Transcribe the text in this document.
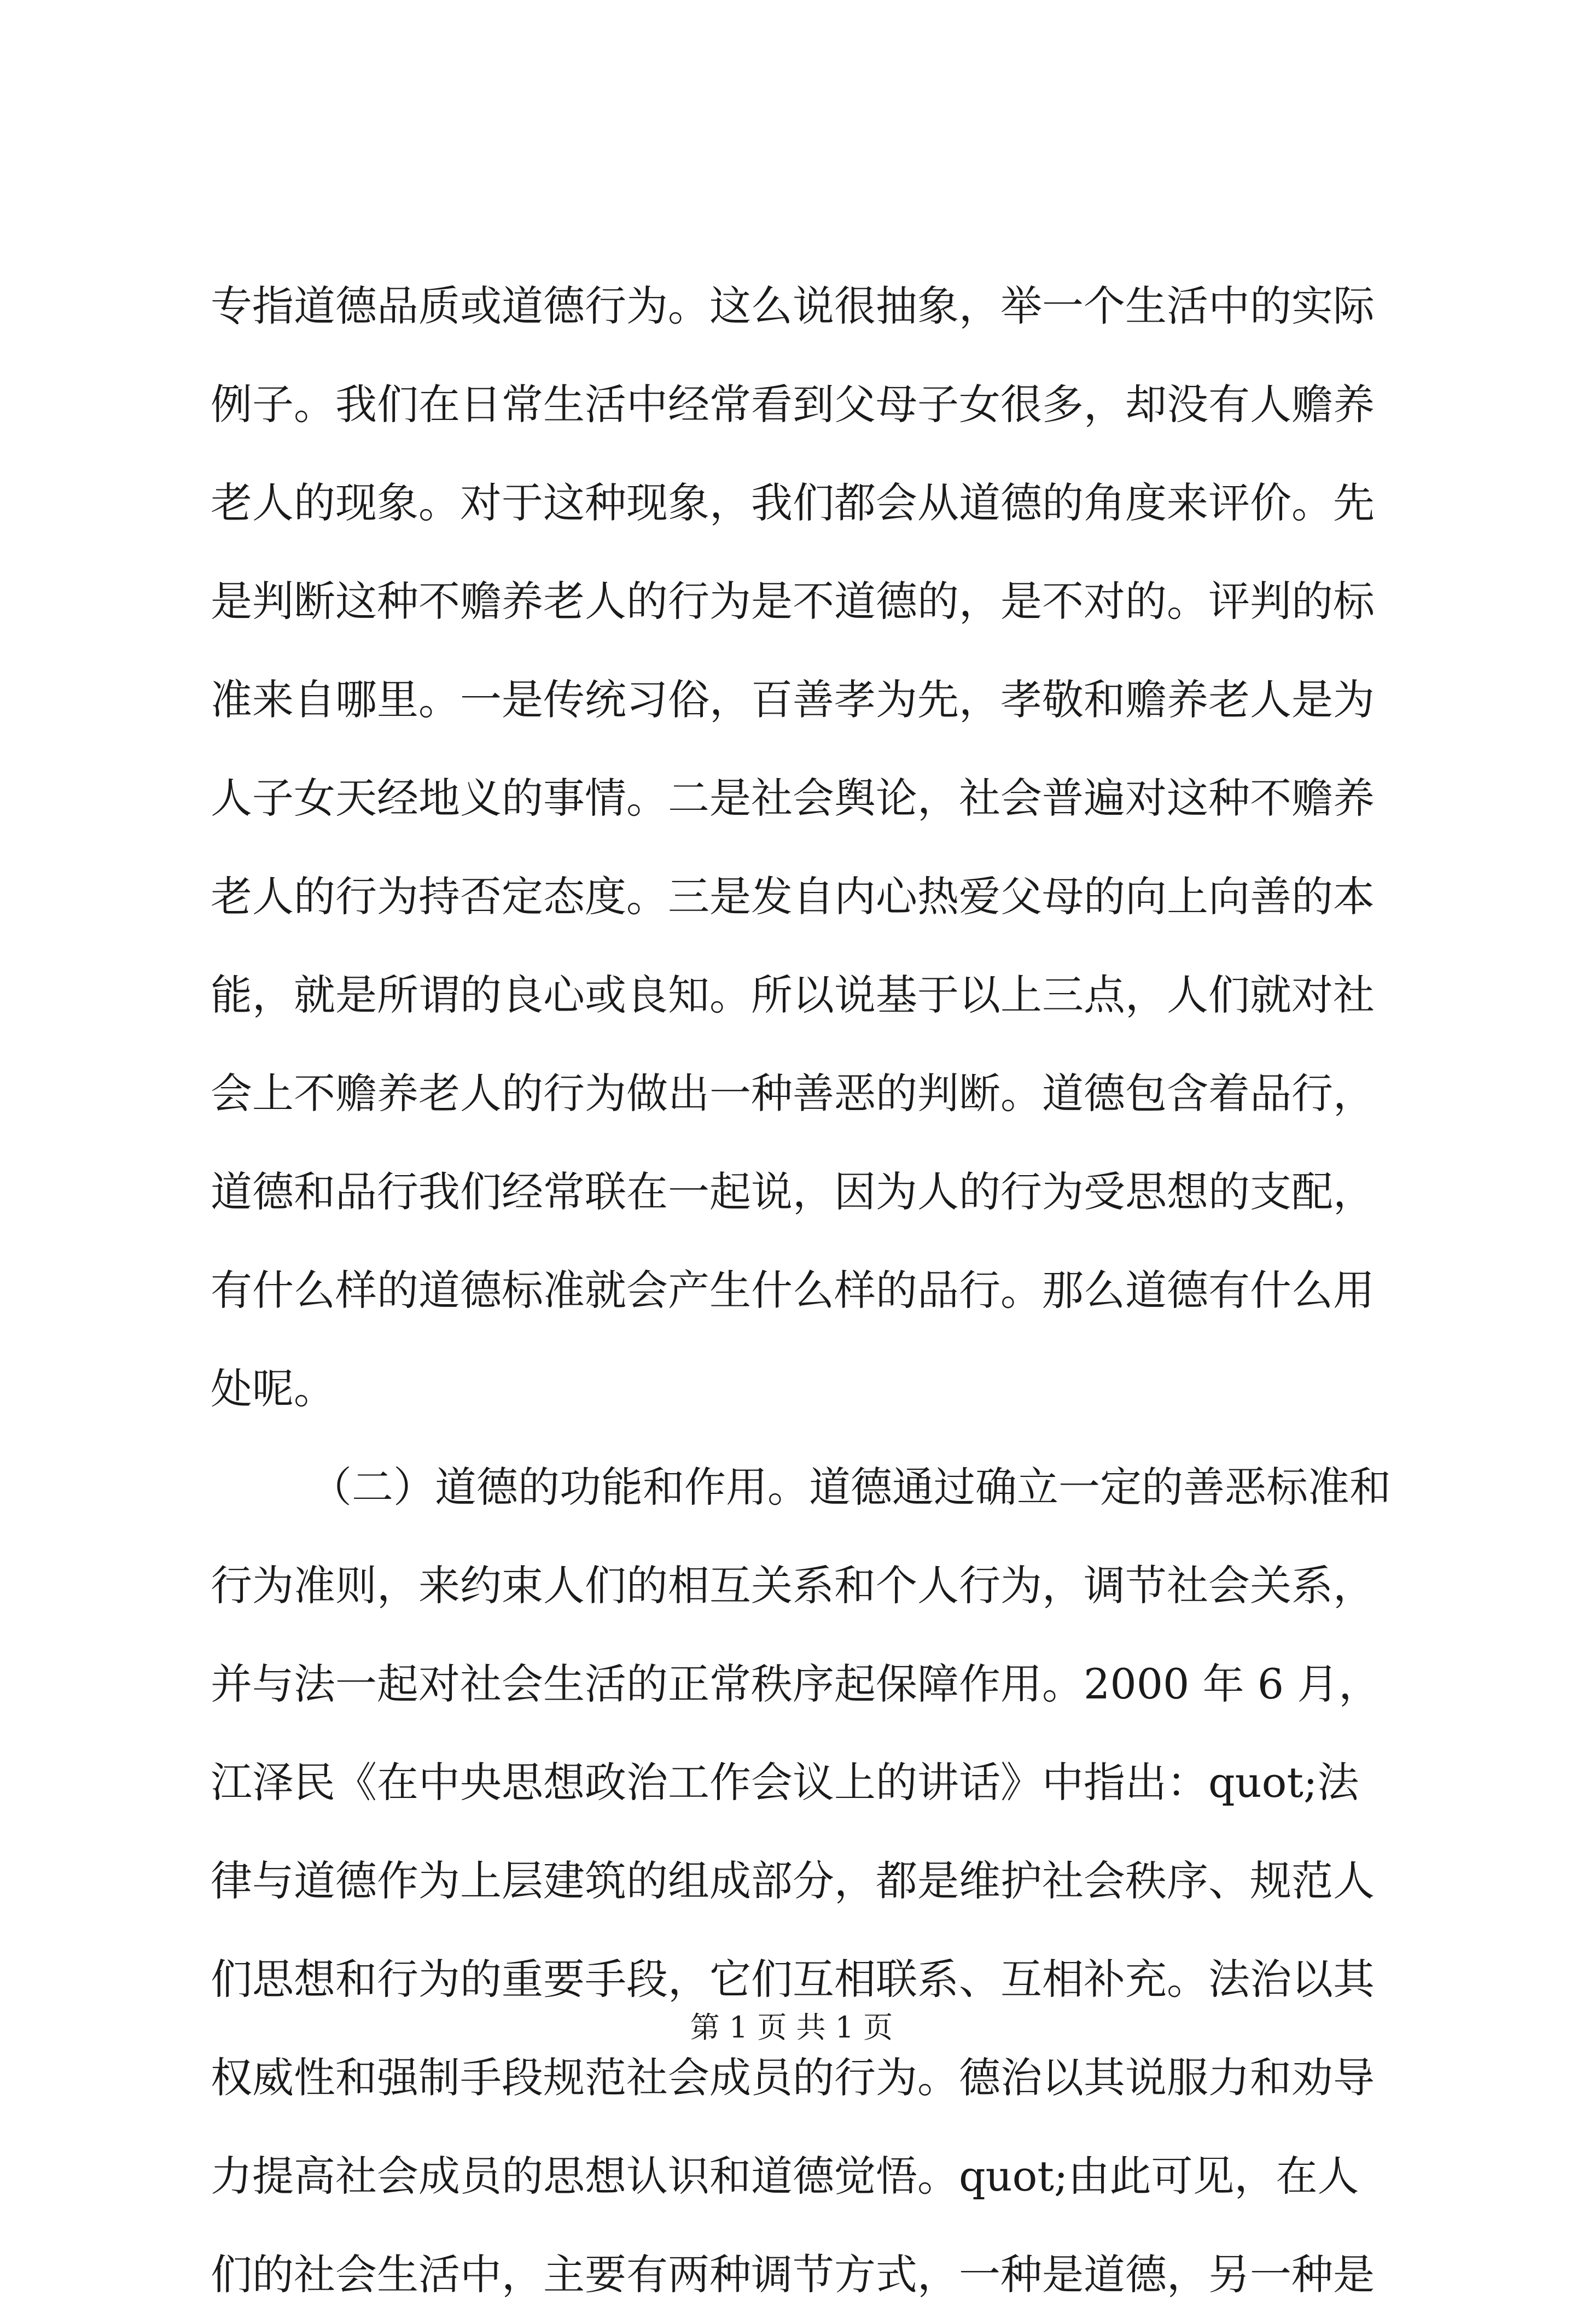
专指道德品质或道德行为。这么说很抽象，举一个生活中的实际
例子。我们在日常生活中经常看到父母子女很多，却没有人赡养
老人的现象。对于这种现象，我们都会从道德的角度来评价。先
是判断这种不赡养老人的行为是不道德的，是不对的。评判的标
准来自哪里。一是传统习俗，百善孝为先，孝敬和赡养老人是为
人子女天经地义的事情。二是社会舆论，社会普遍对这种不赡养
老人的行为持否定态度。三是发自内心热爱父母的向上向善的本
能，就是所谓的良心或良知。所以说基于以上三点，人们就对社
会上不赡养老人的行为做出一种善恶的判断。道德包含着品行，
道德和品行我们经常联在一起说，因为人的行为受思想的支配，
有什么样的道德标准就会产生什么样的品行。那么道德有什么用
处呢。
（二）道德的功能和作用。道德通过确立一定的善恶标准和
行为准则，来约束人们的相互关系和个人行为，调节社会关系，
并与法一起对社会生活的正常秩序起保障作用。2000 年 6 月，
江泽民《在中央思想政治工作会议上的讲话》中指出：quot;法
律与道德作为上层建筑的组成部分，都是维护社会秩序、规范人
们思想和行为的重要手段，它们互相联系、互相补充。法治以其
权威性和强制手段规范社会成员的行为。德治以其说服力和劝导
力提高社会成员的思想认识和道德觉悟。quot;由此可见，在人
们的社会生活中，主要有两种调节方式，一种是道德，另一种是
第 1 页 共 1 页
